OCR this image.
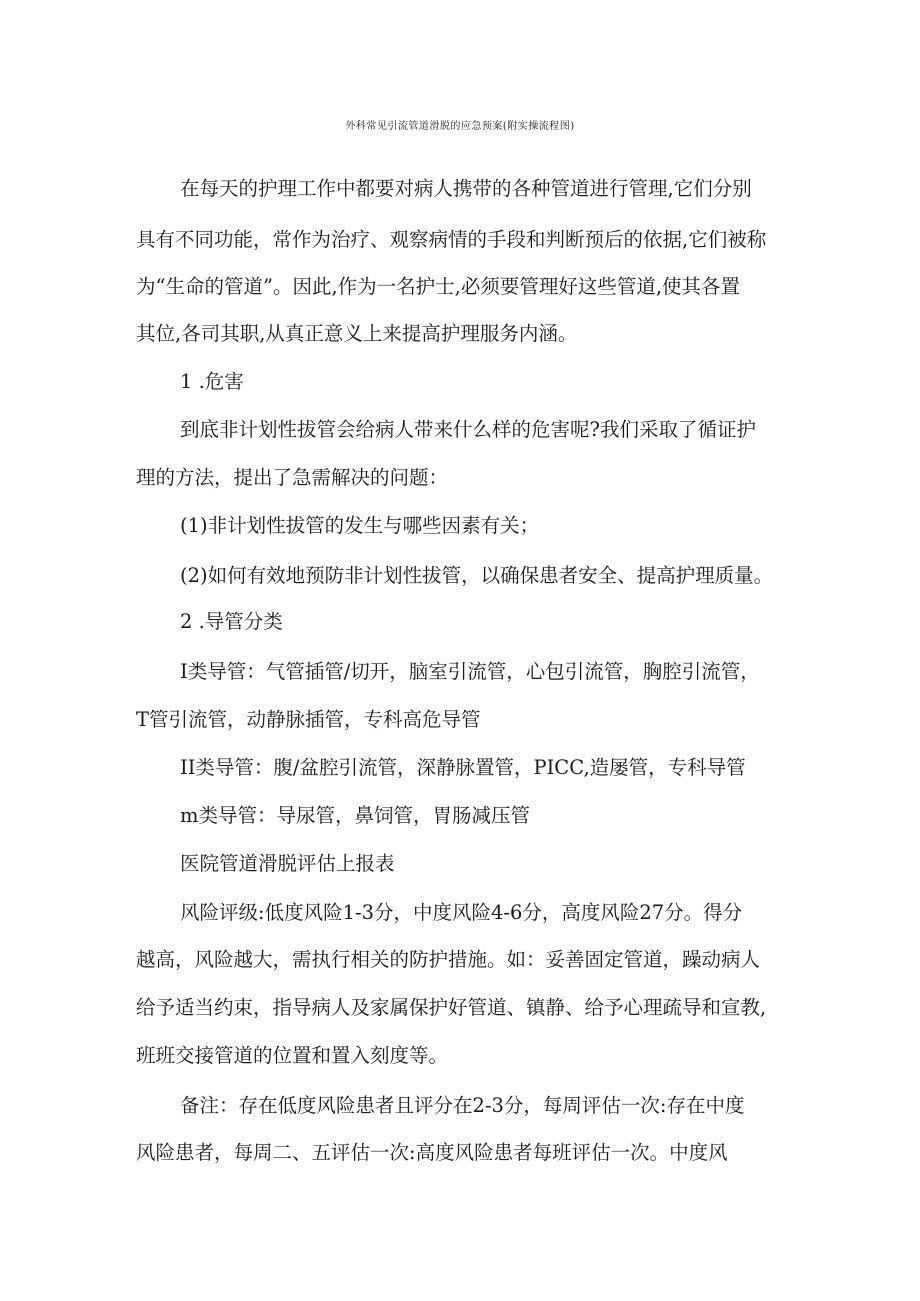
外科常见引流管道滑脱的应急预案(附实操流程图)
在每天的护理工作中都要对病人携带的各种管道进行管理,它们分别
具有不同功能，常作为治疗、观察病情的手段和判断预后的依据,它们被称
为“生命的管道”。因此,作为一名护士,必须要管理好这些管道,使其各置
其位,各司其职,从真正意义上来提高护理服务内涵。
1 .危害
到底非计划性拔管会给病人带来什么样的危害呢?我们采取了循证护
理的方法，提出了急需解决的问题：
(1)非计划性拔管的发生与哪些因素有关；
(2)如何有效地预防非计划性拔管，以确保患者安全、提高护理质量。
2 .导管分类
I类导管：气管插管/切开，脑室引流管，心包引流管，胸腔引流管，
T管引流管，动静脉插管，专科高危导管
II类导管：腹/盆腔引流管，深静脉置管，PICC,造屡管，专科导管
m类导管：导尿管，鼻饲管，胃肠减压管
医院管道滑脱评估上报表
风险评级:低度风险1-3分，中度风险4-6分，高度风险27分。得分
越高，风险越大，需执行相关的防护措施。如：妥善固定管道，躁动病人
给予适当约束，指导病人及家属保护好管道、镇静、给予心理疏导和宣教,
班班交接管道的位置和置入刻度等。
备注：存在低度风险患者且评分在2-3分，每周评估一次:存在中度
风险患者，每周二、五评估一次:高度风险患者每班评估一次。中度风
